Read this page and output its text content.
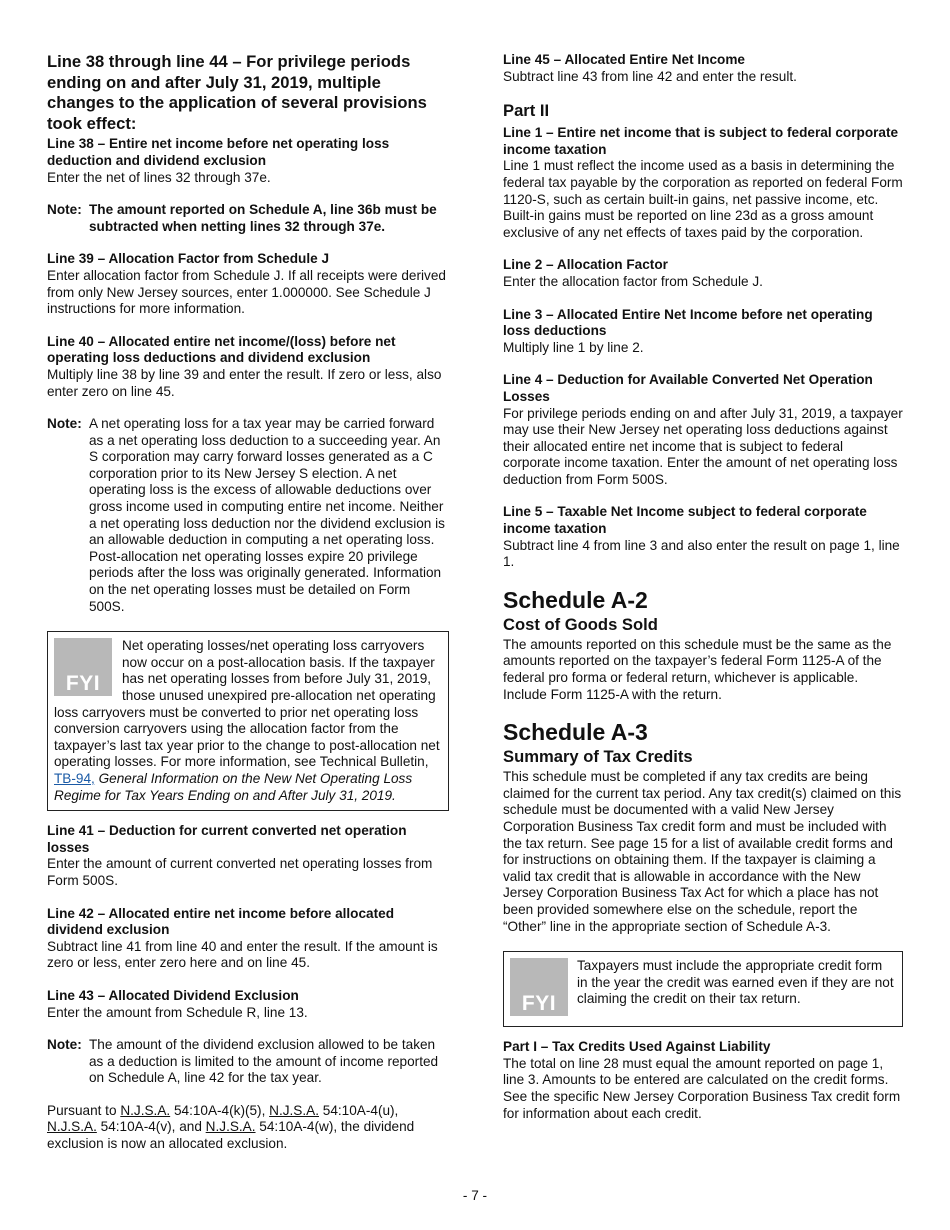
Line 38 through line 44 – For privilege periods ending on and after July 31, 2019, multiple changes to the application of several provisions took effect:
Line 38 – Entire net income before net operating loss deduction and dividend exclusion
Enter the net of lines 32 through 37e.
Note: The amount reported on Schedule A, line 36b must be subtracted when netting lines 32 through 37e.
Line 39 – Allocation Factor from Schedule J
Enter allocation factor from Schedule J. If all receipts were derived from only New Jersey sources, enter 1.000000. See Schedule J instructions for more information.
Line 40 – Allocated entire net income/(loss) before net operating loss deductions and dividend exclusion
Multiply line 38 by line 39 and enter the result. If zero or less, also enter zero on line 45.
Note: A net operating loss for a tax year may be carried forward as a net operating loss deduction to a succeeding year. An S corporation may carry forward losses generated as a C corporation prior to its New Jersey S election. A net operating loss is the excess of allowable deductions over gross income used in computing entire net income. Neither a net operating loss deduction nor the dividend exclusion is an allowable deduction in computing a net operating loss. Post-allocation net operating losses expire 20 privilege periods after the loss was originally generated. Information on the net operating losses must be detailed on Form 500S.
FYI
Net operating losses/net operating loss carryovers now occur on a post-allocation basis. If the taxpayer has net operating losses from before July 31, 2019, those unused unexpired pre-allocation net operating loss carryovers must be converted to prior net operating loss conversion carryovers using the allocation factor from the taxpayer’s last tax year prior to the change to post-allocation net operating losses. For more information, see Technical Bulletin, TB-94, General Information on the New Net Operating Loss Regime for Tax Years Ending on and After July 31, 2019.
Line 41 – Deduction for current converted net operation losses
Enter the amount of current converted net operating losses from Form 500S.
Line 42 – Allocated entire net income before allocated dividend exclusion
Subtract line 41 from line 40 and enter the result. If the amount is zero or less, enter zero here and on line 45.
Line 43 – Allocated Dividend Exclusion
Enter the amount from Schedule R, line 13.
Note: The amount of the dividend exclusion allowed to be taken as a deduction is limited to the amount of income reported on Schedule A, line 42 for the tax year.
Pursuant to N.J.S.A. 54:10A-4(k)(5), N.J.S.A. 54:10A-4(u), N.J.S.A. 54:10A-4(v), and N.J.S.A. 54:10A-4(w), the dividend exclusion is now an allocated exclusion.
Line 45 – Allocated Entire Net Income
Subtract line 43 from line 42 and enter the result.
Part II
Line 1 – Entire net income that is subject to federal corporate income taxation
Line 1 must reflect the income used as a basis in determining the federal tax payable by the corporation as reported on federal Form 1120-S, such as certain built-in gains, net passive income, etc. Built-in gains must be reported on line 23d as a gross amount exclusive of any net effects of taxes paid by the corporation.
Line 2 – Allocation Factor
Enter the allocation factor from Schedule J.
Line 3 – Allocated Entire Net Income before net operating loss deductions
Multiply line 1 by line 2.
Line 4 – Deduction for Available Converted Net Operation Losses
For privilege periods ending on and after July 31, 2019, a taxpayer may use their New Jersey net operating loss deductions against their allocated entire net income that is subject to federal corporate income taxation. Enter the amount of net operating loss deduction from Form 500S.
Line 5 – Taxable Net Income subject to federal corporate income taxation
Subtract line 4 from line 3 and also enter the result on page 1, line 1.
Schedule A-2
Cost of Goods Sold
The amounts reported on this schedule must be the same as the amounts reported on the taxpayer’s federal Form 1125-A of the federal pro forma or federal return, whichever is applicable. Include Form 1125-A with the return.
Schedule A-3
Summary of Tax Credits
This schedule must be completed if any tax credits are being claimed for the current tax period. Any tax credit(s) claimed on this schedule must be documented with a valid New Jersey Corporation Business Tax credit form and must be included with the tax return. See page 15 for a list of available credit forms and for instructions on obtaining them. If the taxpayer is claiming a valid tax credit that is allowable in accordance with the New Jersey Corporation Business Tax Act for which a place has not been provided somewhere else on the schedule, report the “Other” line in the appropriate section of Schedule A-3.
FYI
Taxpayers must include the appropriate credit form in the year the credit was earned even if they are not claiming the credit on their tax return.
Part I – Tax Credits Used Against Liability
The total on line 28 must equal the amount reported on page 1, line 3. Amounts to be entered are calculated on the credit forms. See the specific New Jersey Corporation Business Tax credit form for information about each credit.
- 7 -
